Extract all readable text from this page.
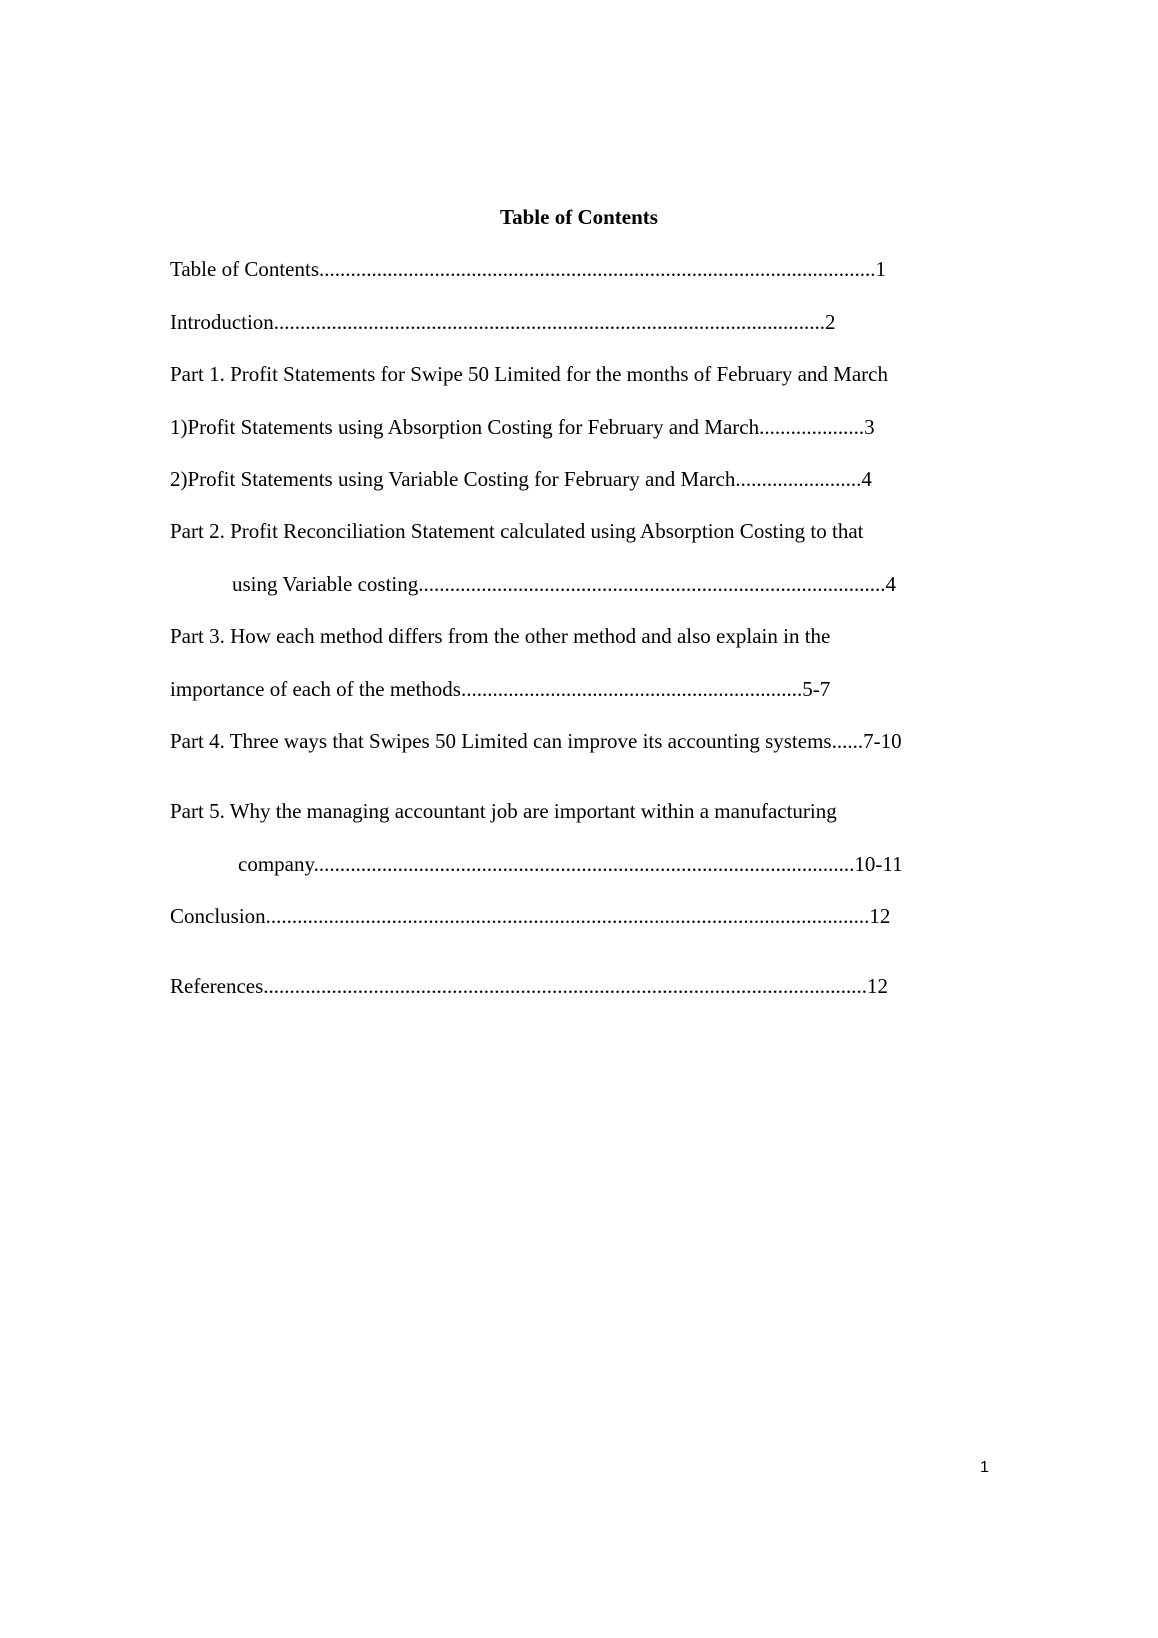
Table of Contents
Table of Contents..........................................................................................................1
Introduction.........................................................................................................2
Part 1. Profit Statements for Swipe 50 Limited for the months of February and March
1)Profit Statements using Absorption Costing for February and March....................3
2)Profit Statements using Variable Costing for February and March........................4
Part 2. Profit Reconciliation Statement calculated using Absorption Costing to that
using Variable costing.........................................................................................4
Part 3. How each method differs from the other method and also explain in the
importance of each of the methods.................................................................5-7
Part 4. Three ways that Swipes 50 Limited can improve its accounting systems......7-10
Part 5. Why the managing accountant job are important within a manufacturing
company.......................................................................................................10-11
Conclusion...................................................................................................................12
References...................................................................................................................12
1
